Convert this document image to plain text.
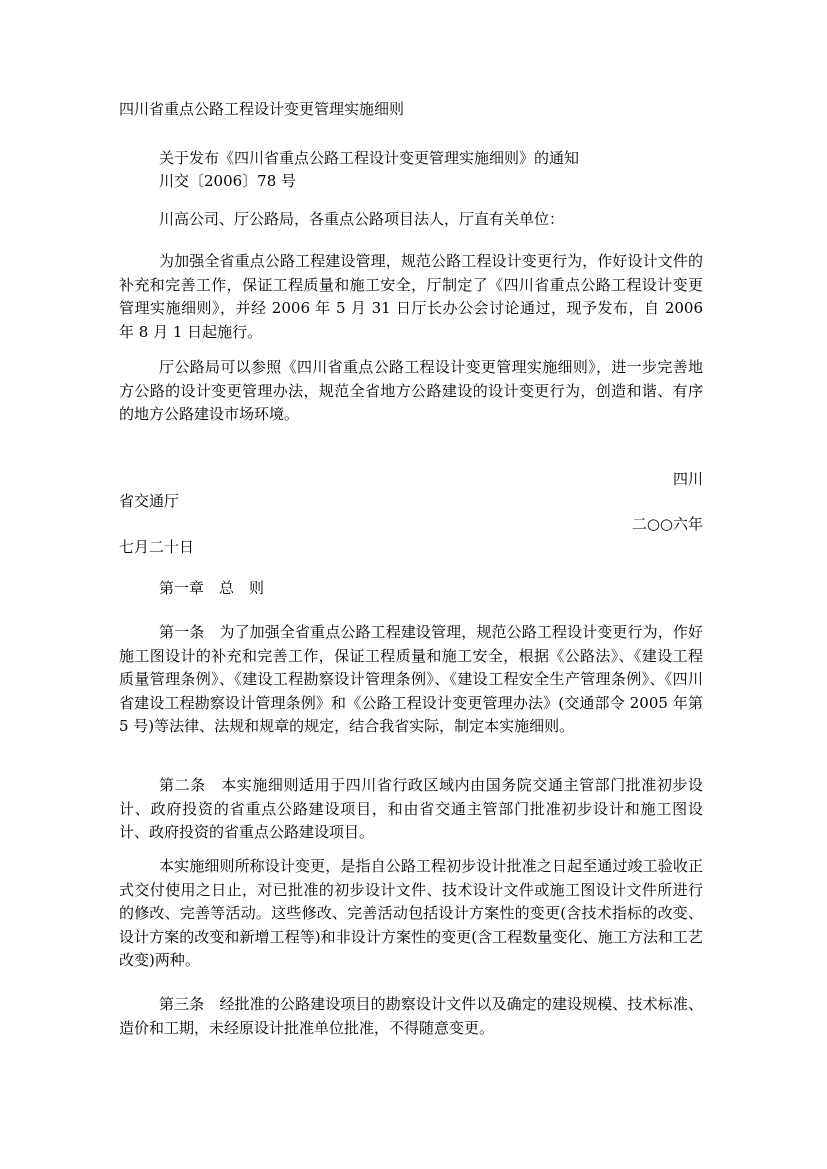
四川省重点公路工程设计变更管理实施细则
关于发布《四川省重点公路工程设计变更管理实施细则》的通知
川交〔2006〕78 号
川高公司、厅公路局，各重点公路项目法人，厅直有关单位：
为加强全省重点公路工程建设管理，规范公路工程设计变更行为，作好设计文件的补充和完善工作，保证工程质量和施工安全，厅制定了《四川省重点公路工程设计变更管理实施细则》，并经 2006 年 5 月 31 日厅长办公会讨论通过，现予发布，自 2006 年 8 月 1 日起施行。
厅公路局可以参照《四川省重点公路工程设计变更管理实施细则》，进一步完善地方公路的设计变更管理办法，规范全省地方公路建设的设计变更行为，创造和谐、有序的地方公路建设市场环境。
四川
省交通厅
二○○六年
七月二十日
第一章　总　则
第一条　为了加强全省重点公路工程建设管理，规范公路工程设计变更行为，作好施工图设计的补充和完善工作，保证工程质量和施工安全，根据《公路法》、《建设工程质量管理条例》、《建设工程勘察设计管理条例》、《建设工程安全生产管理条例》、《四川省建设工程勘察设计管理条例》和《公路工程设计变更管理办法》(交通部令 2005 年第 5 号)等法律、法规和规章的规定，结合我省实际，制定本实施细则。
第二条　本实施细则适用于四川省行政区域内由国务院交通主管部门批准初步设计、政府投资的省重点公路建设项目，和由省交通主管部门批准初步设计和施工图设计、政府投资的省重点公路建设项目。
本实施细则所称设计变更，是指自公路工程初步设计批准之日起至通过竣工验收正式交付使用之日止，对已批准的初步设计文件、技术设计文件或施工图设计文件所进行的修改、完善等活动。这些修改、完善活动包括设计方案性的变更(含技术指标的改变、设计方案的改变和新增工程等)和非设计方案性的变更(含工程数量变化、施工方法和工艺改变)两种。
第三条　经批准的公路建设项目的勘察设计文件以及确定的建设规模、技术标准、造价和工期，未经原设计批准单位批准，不得随意变更。
